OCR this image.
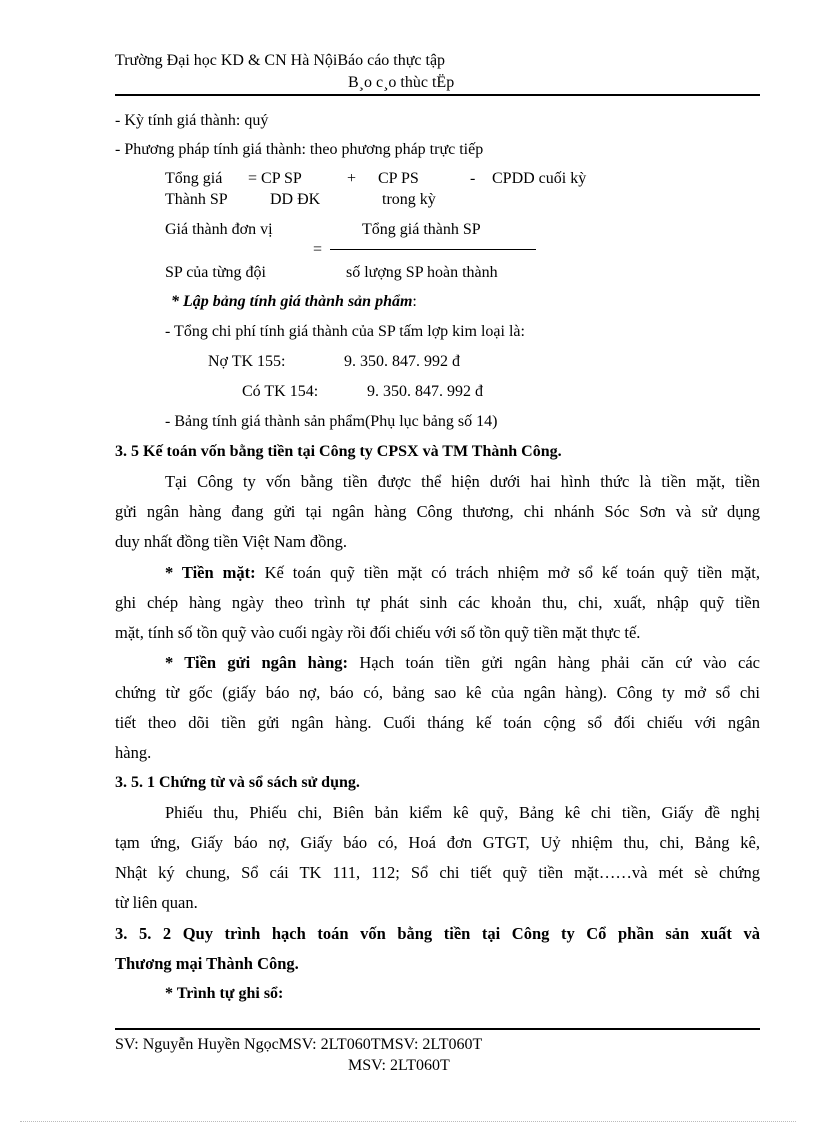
Trường Đại học KD & CN Hà NộiBáo cáo thực tập
B¸o c¸o thùc tËp
- Kỳ tính giá thành: quý
- Phương pháp tính giá thành: theo phương pháp trực tiếp
Tổng giá = CP SP	+ CP PS	- CPDD cuối kỳ
Thành SP	DD ĐK	trong kỳ
Giá thành đơn vị	Tổng giá thành SP
=
SP của từng đội	số lượng SP hoàn thành
* Lập bảng tính giá thành sản phẩm:
- Tổng chi phí tính giá thành của SP tấm lợp kim loại là:
Nợ TK 155:	9. 350. 847. 992 đ
Có TK 154:	9. 350. 847. 992 đ
- Bảng tính giá thành sản phẩm(Phụ lục bảng số 14)
3. 5 Kế toán vốn bằng tiền tại Công ty CPSX và TM Thành Công.
Tại Công ty vốn bằng tiền được thể hiện dưới hai hình thức là tiền mặt, tiền
gửi ngân hàng đang gửi tại ngân hàng Công thương, chi nhánh Sóc Sơn và sử dụng
duy nhất đồng tiền Việt Nam đồng.
* Tiền mặt: Kế toán quỹ tiền mặt có trách nhiệm mở sổ kế toán quỹ tiền mặt,
ghi chép hàng ngày theo trình tự phát sinh các khoản thu, chi, xuất, nhập quỹ tiền
mặt, tính số tồn quỹ vào cuối ngày rồi đối chiếu với số tồn quỹ tiền mặt thực tế.
* Tiền gửi ngân hàng: Hạch toán tiền gửi ngân hàng phải căn cứ vào các
chứng từ gốc (giấy báo nợ, báo có, bảng sao kê của ngân hàng). Công ty mở sổ chi
tiết theo dõi tiền gửi ngân hàng. Cuối tháng kế toán cộng sổ đối chiếu với ngân
hàng.
3. 5. 1 Chứng từ và sổ sách sử dụng.
Phiếu thu, Phiếu chi, Biên bản kiểm kê quỹ, Bảng kê chi tiền, Giấy đề nghị
tạm ứng, Giấy báo nợ, Giấy báo có, Hoá đơn GTGT, Uỷ nhiệm thu, chi, Bảng kê,
Nhật ký chung, Sổ cái TK 111, 112; Sổ chi tiết quỹ tiền mặt……và mét sè chứng
từ liên quan.
3. 5. 2 Quy trình hạch toán vốn bằng tiền tại Công ty Cổ phần sản xuất và
Thương mại Thành Công.
* Trình tự ghi sổ:
SV: Nguyễn Huyền NgọcMSV: 2LT060TMSV: 2LT060T
MSV: 2LT060T
